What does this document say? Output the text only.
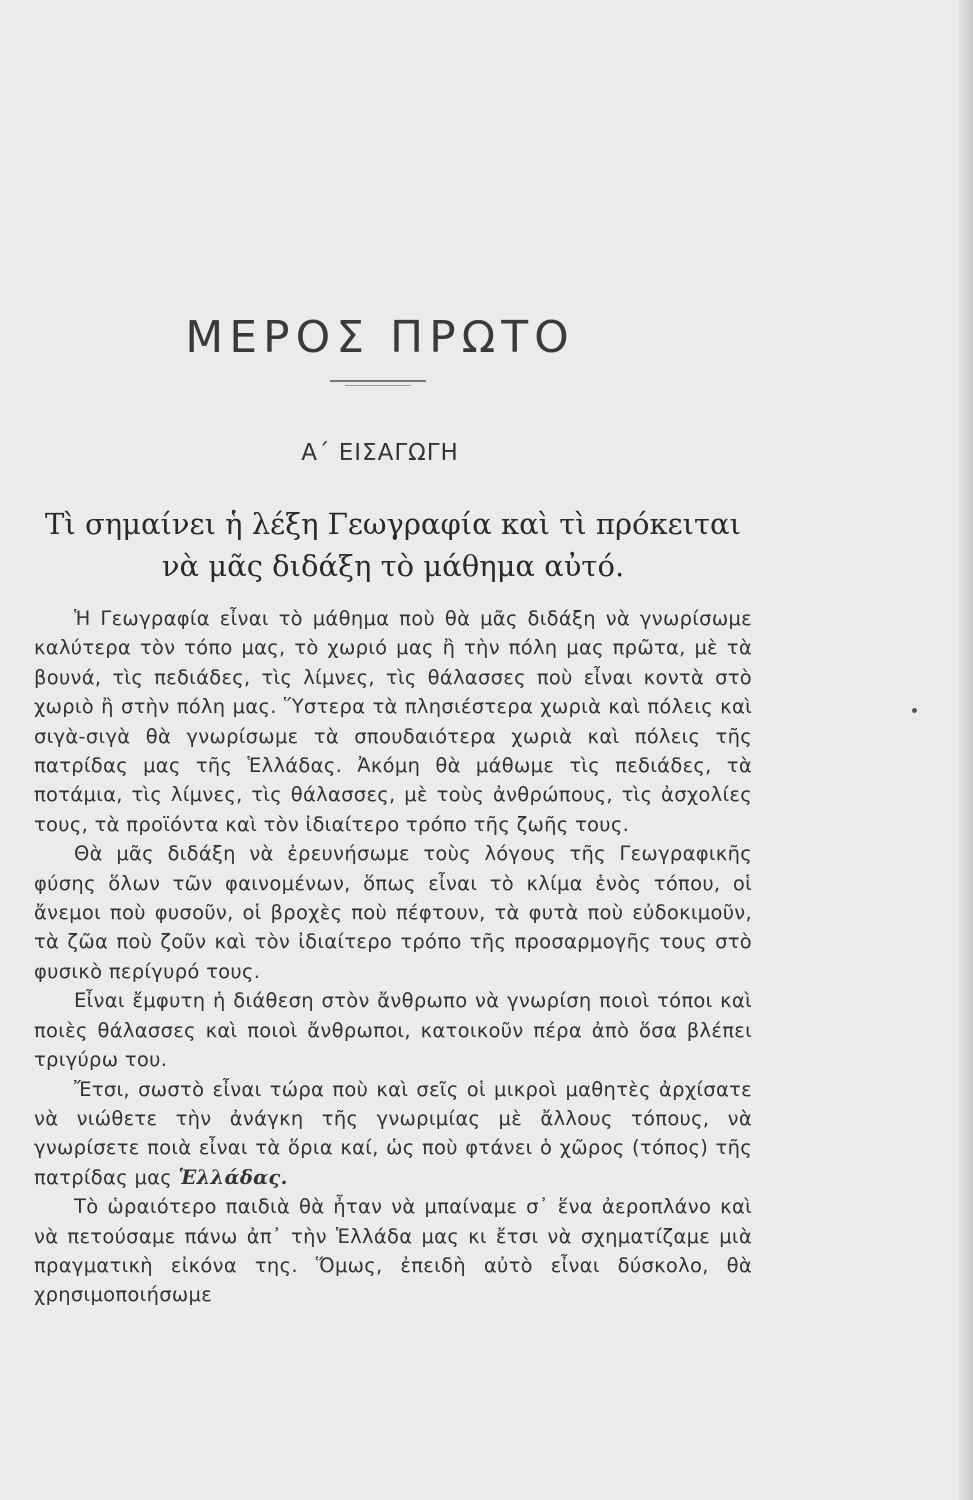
ΜΕΡΟΣ ΠΡΩΤΟ
Α΄ ΕΙΣΑΓΩΓΗ
Τὶ σημαίνει ἡ λέξη Γεωγραφία καὶ τὶ πρόκειται
νὰ μᾶς διδάξη τὸ μάθημα αὐτό.

Ἡ Γεωγραφία εἶναι τὸ μάθημα ποὺ θὰ μᾶς διδάξη νὰ γνωρίσωμε καλύτερα τὸν τόπο μας, τὸ χωριό μας ἢ τὴν πόλη μας πρῶτα, μὲ τὰ βουνά, τὶς πεδιάδες, τὶς λίμνες, τὶς θάλασσες ποὺ εἶναι κοντὰ στὸ χωριὸ ἢ στὴν πόλη μας. Ὕστερα τὰ πλησιέστερα χωριὰ καὶ πόλεις καὶ σιγὰ-σιγὰ θὰ γνωρίσωμε τὰ σπουδαιότερα χωριὰ καὶ πόλεις τῆς πατρίδας μας τῆς Ἑλλάδας. Ἀκόμη θὰ μάθωμε τὶς πεδιάδες, τὰ ποτάμια, τὶς λίμνες, τὶς θάλασσες, μὲ τοὺς ἀνθρώπους, τὶς ἀσχολίες τους, τὰ προϊόντα καὶ τὸν ἰδιαίτερο τρόπο τῆς ζωῆς τους.

Θὰ μᾶς διδάξη νὰ ἐρευνήσωμε τοὺς λόγους τῆς Γεωγραφικῆς φύσης ὅλων τῶν φαινομένων, ὅπως εἶναι τὸ κλίμα ἑνὸς τόπου, οἱ ἄνεμοι ποὺ φυσοῦν, οἱ βροχὲς ποὺ πέφτουν, τὰ φυτὰ ποὺ εὐδοκιμοῦν, τὰ ζῶα ποὺ ζοῦν καὶ τὸν ἰδιαίτερο τρόπο τῆς προσαρμογῆς τους στὸ φυσικὸ περίγυρό τους.

Εἶναι ἔμφυτη ἡ διάθεση στὸν ἄνθρωπο νὰ γνωρίση ποιοὶ τόποι καὶ ποιὲς θάλασσες καὶ ποιοὶ ἄνθρωποι, κατοικοῦν πέρα ἀπὸ ὅσα βλέπει τριγύρω του.

Ἔτσι, σωστὸ εἶναι τώρα ποὺ καὶ σεῖς οἱ μικροὶ μαθητὲς ἀρχίσατε νὰ νιώθετε τὴν ἀνάγκη τῆς γνωριμίας μὲ ἄλλους τόπους, νὰ γνωρίσετε ποιὰ εἶναι τὰ ὅρια καί, ὡς ποὺ φτάνει ὁ χῶρος (τόπος) τῆς πατρίδας μας Ἑλλάδας.

Τὸ ὡραιότερο παιδιὰ θὰ ἦταν νὰ μπαίναμε σ᾿ ἕνα ἀεροπλάνο καὶ νὰ πετούσαμε πάνω ἀπ᾿ τὴν Ἑλλάδα μας κι ἔτσι νὰ σχηματίζαμε μιὰ πραγματικὴ εἰκόνα της. Ὅμως, ἐπειδὴ αὐτὸ εἶναι δύσκολο, θὰ χρησιμοποιήσωμε
